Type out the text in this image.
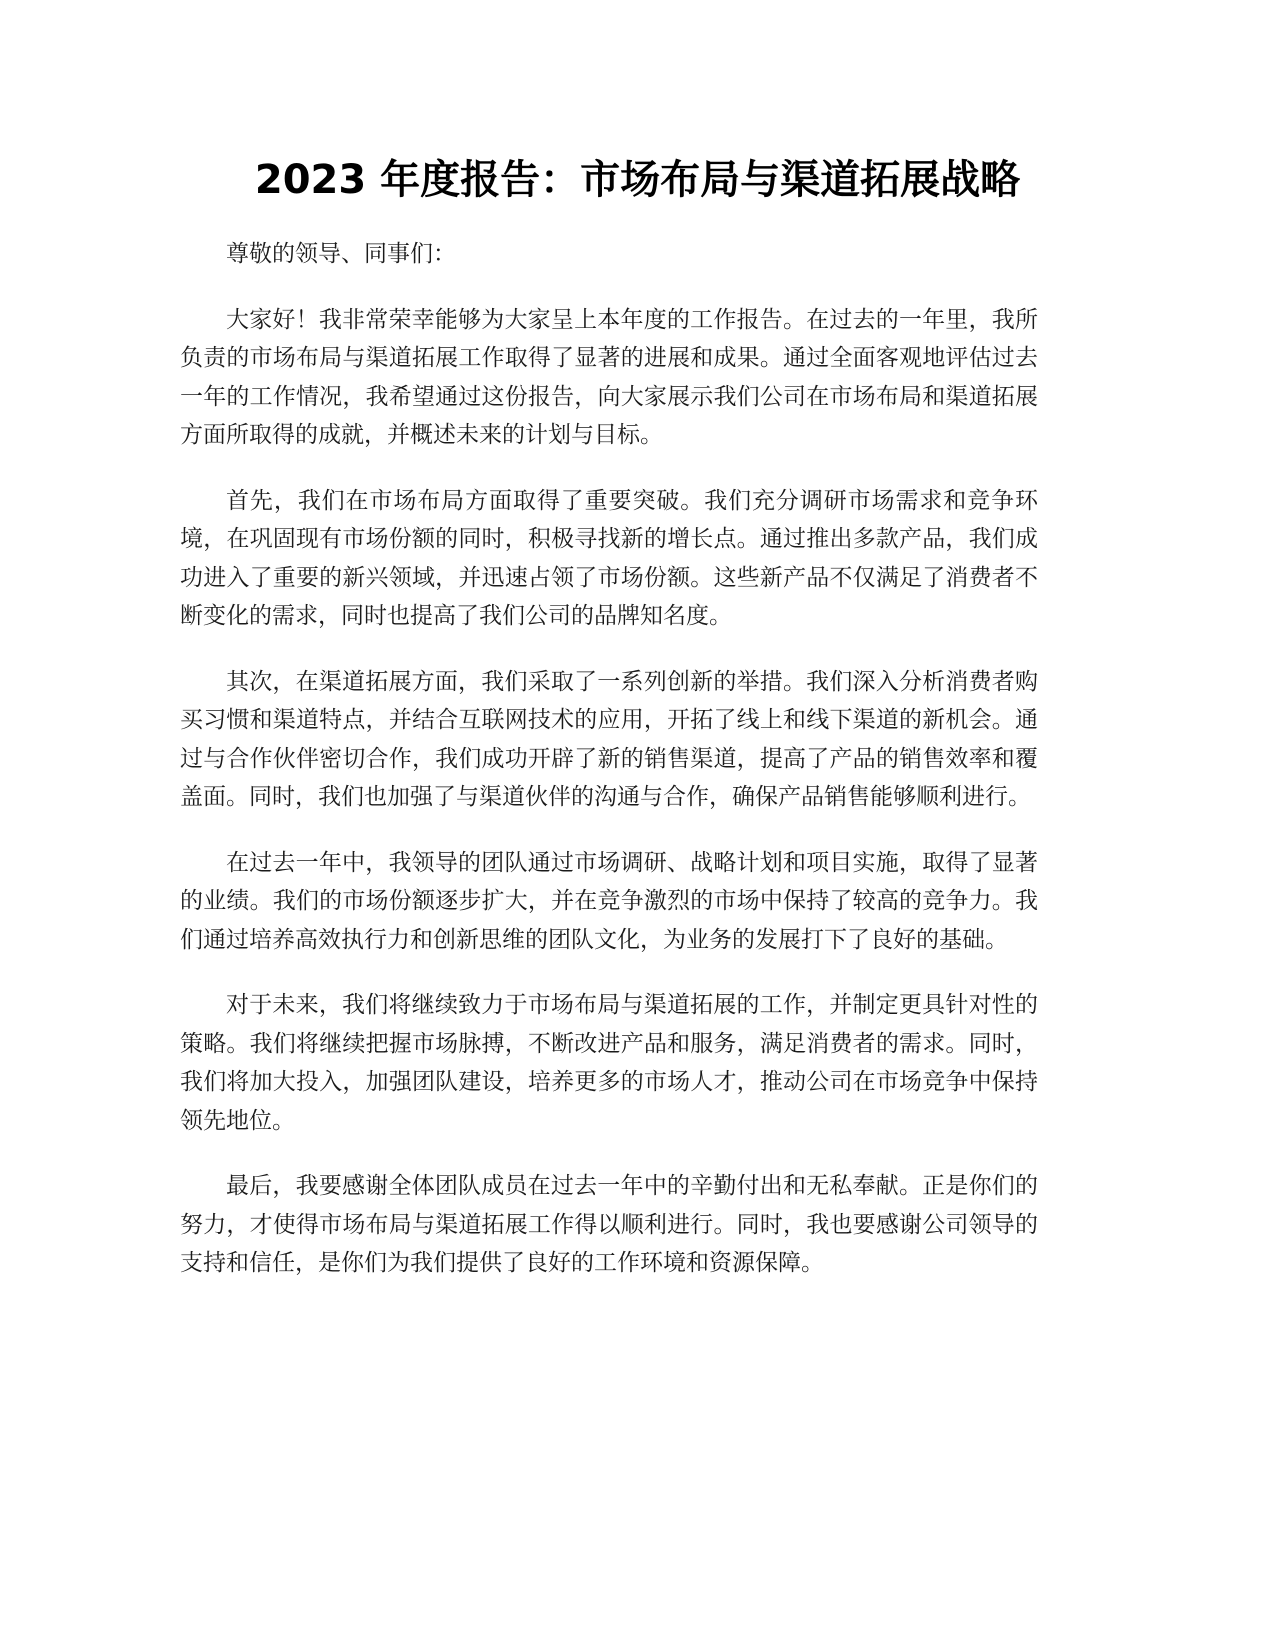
2023 年度报告：市场布局与渠道拓展战略

尊敬的领导、同事们：

大家好！我非常荣幸能够为大家呈上本年度的工作报告。在过去的一年里，我所负责的市场布局与渠道拓展工作取得了显著的进展和成果。通过全面客观地评估过去一年的工作情况，我希望通过这份报告，向大家展示我们公司在市场布局和渠道拓展方面所取得的成就，并概述未来的计划与目标。

首先，我们在市场布局方面取得了重要突破。我们充分调研市场需求和竞争环境，在巩固现有市场份额的同时，积极寻找新的增长点。通过推出多款产品，我们成功进入了重要的新兴领域，并迅速占领了市场份额。这些新产品不仅满足了消费者不断变化的需求，同时也提高了我们公司的品牌知名度。

其次，在渠道拓展方面，我们采取了一系列创新的举措。我们深入分析消费者购买习惯和渠道特点，并结合互联网技术的应用，开拓了线上和线下渠道的新机会。通过与合作伙伴密切合作，我们成功开辟了新的销售渠道，提高了产品的销售效率和覆盖面。同时，我们也加强了与渠道伙伴的沟通与合作，确保产品销售能够顺利进行。

在过去一年中，我领导的团队通过市场调研、战略计划和项目实施，取得了显著的业绩。我们的市场份额逐步扩大，并在竞争激烈的市场中保持了较高的竞争力。我们通过培养高效执行力和创新思维的团队文化，为业务的发展打下了良好的基础。

对于未来，我们将继续致力于市场布局与渠道拓展的工作，并制定更具针对性的策略。我们将继续把握市场脉搏，不断改进产品和服务，满足消费者的需求。同时，我们将加大投入，加强团队建设，培养更多的市场人才，推动公司在市场竞争中保持领先地位。

最后，我要感谢全体团队成员在过去一年中的辛勤付出和无私奉献。正是你们的努力，才使得市场布局与渠道拓展工作得以顺利进行。同时，我也要感谢公司领导的支持和信任，是你们为我们提供了良好的工作环境和资源保障。
